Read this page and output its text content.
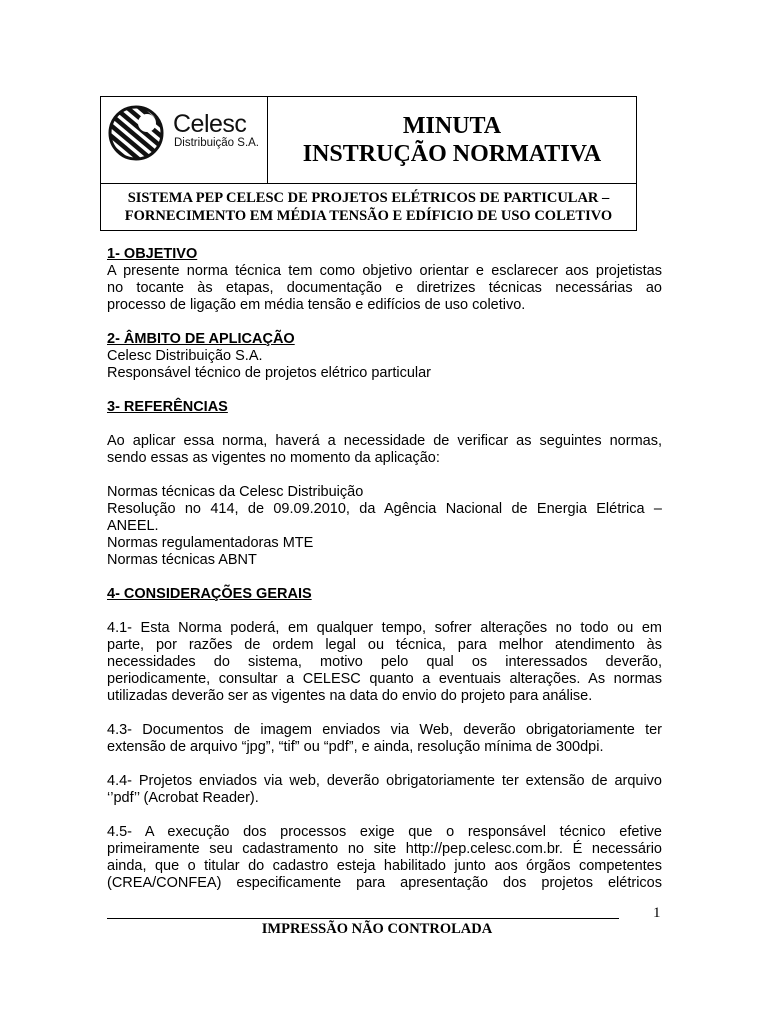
Celesc
Distribuição S.A.
MINUTA
INSTRUÇÃO NORMATIVA
SISTEMA PEP CELESC DE PROJETOS ELÉTRICOS DE PARTICULAR –
FORNECIMENTO EM MÉDIA TENSÃO E EDÍFICIO DE USO COLETIVO
1- OBJETIVO
A presente norma técnica tem como objetivo orientar e esclarecer aos projetistas
no tocante às etapas, documentação e diretrizes técnicas necessárias ao
processo de ligação em média tensão e edifícios de uso coletivo.
2- ÂMBITO DE APLICAÇÃO
Celesc Distribuição S.A.
Responsável técnico de projetos elétrico particular
3- REFERÊNCIAS
Ao aplicar essa norma, haverá a necessidade de verificar as seguintes normas,
sendo essas as vigentes no momento da aplicação:
Normas técnicas da Celesc Distribuição
Resolução no 414, de 09.09.2010, da Agência Nacional de Energia Elétrica –
ANEEL.
Normas regulamentadoras MTE
Normas técnicas ABNT
4- CONSIDERAÇÕES GERAIS
4.1- Esta Norma poderá, em qualquer tempo, sofrer alterações no todo ou em
parte, por razões de ordem legal ou técnica, para melhor atendimento às
necessidades do sistema, motivo pelo qual os interessados deverão,
periodicamente, consultar a CELESC quanto a eventuais alterações. As normas
utilizadas deverão ser as vigentes na data do envio do projeto para análise.
4.3- Documentos de imagem enviados via Web, deverão obrigatoriamente ter
extensão de arquivo “jpg”, “tif” ou “pdf”, e ainda, resolução mínima de 300dpi.
4.4- Projetos enviados via web, deverão obrigatoriamente ter extensão de arquivo
‘’pdf’’ (Acrobat Reader).
4.5- A execução dos processos exige que o responsável técnico efetive
primeiramente seu cadastramento no site http://pep.celesc.com.br. É necessário
ainda, que o titular do cadastro esteja habilitado junto aos órgãos competentes
(CREA/CONFEA) especificamente para apresentação dos projetos elétricos
1
IMPRESSÃO NÃO CONTROLADA
